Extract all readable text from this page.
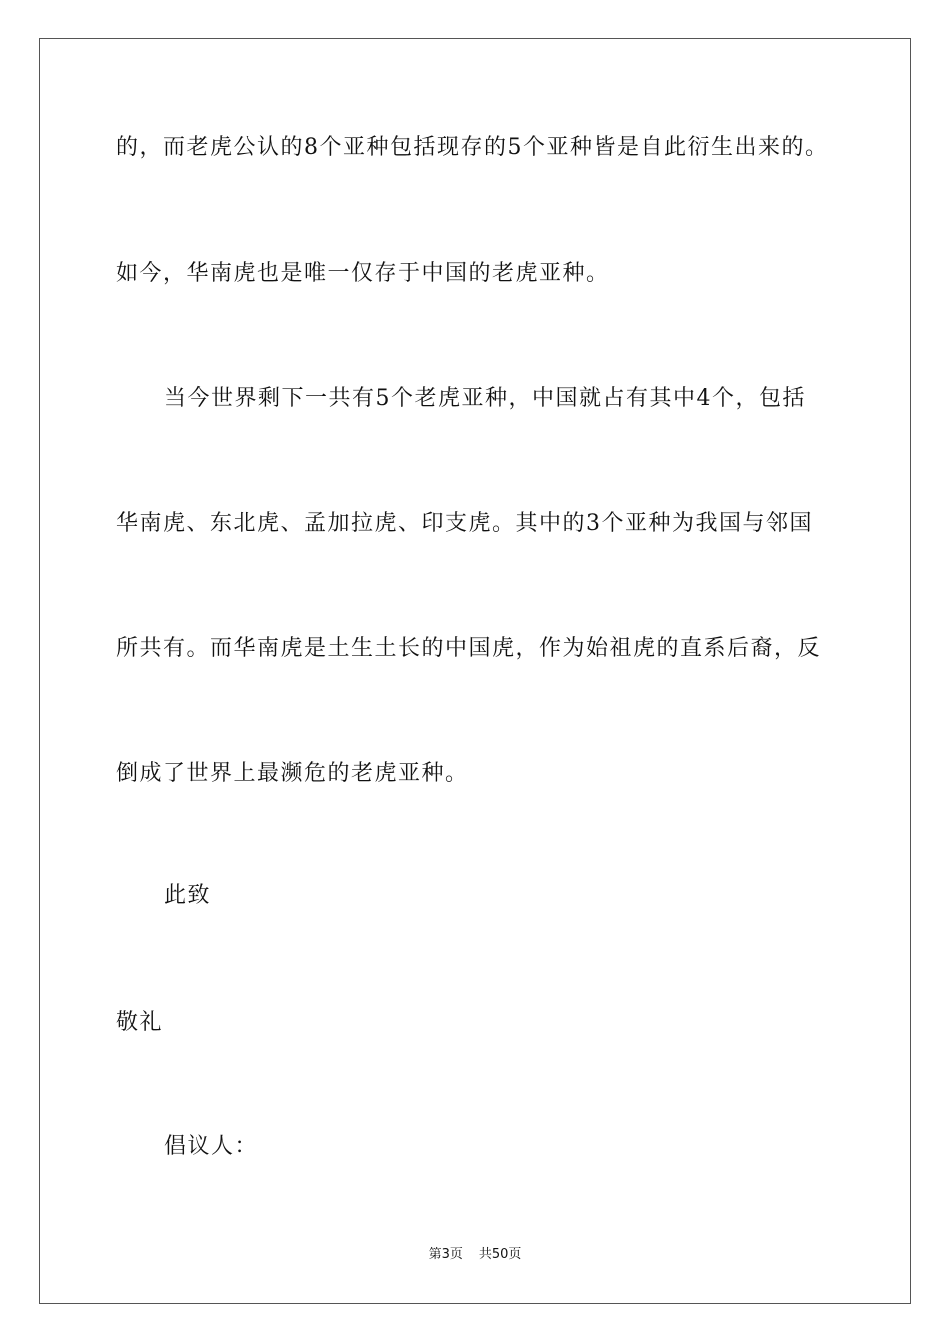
的，而老虎公认的8个亚种包括现存的5个亚种皆是自此衍生出来的。
如今，华南虎也是唯一仅存于中国的老虎亚种。
当今世界剩下一共有5个老虎亚种，中国就占有其中4个，包括
华南虎、东北虎、孟加拉虎、印支虎。其中的3个亚种为我国与邻国
所共有。而华南虎是土生土长的中国虎，作为始祖虎的直系后裔，反
倒成了世界上最濒危的老虎亚种。
此致
敬礼
倡议人：
第3页 共50页
